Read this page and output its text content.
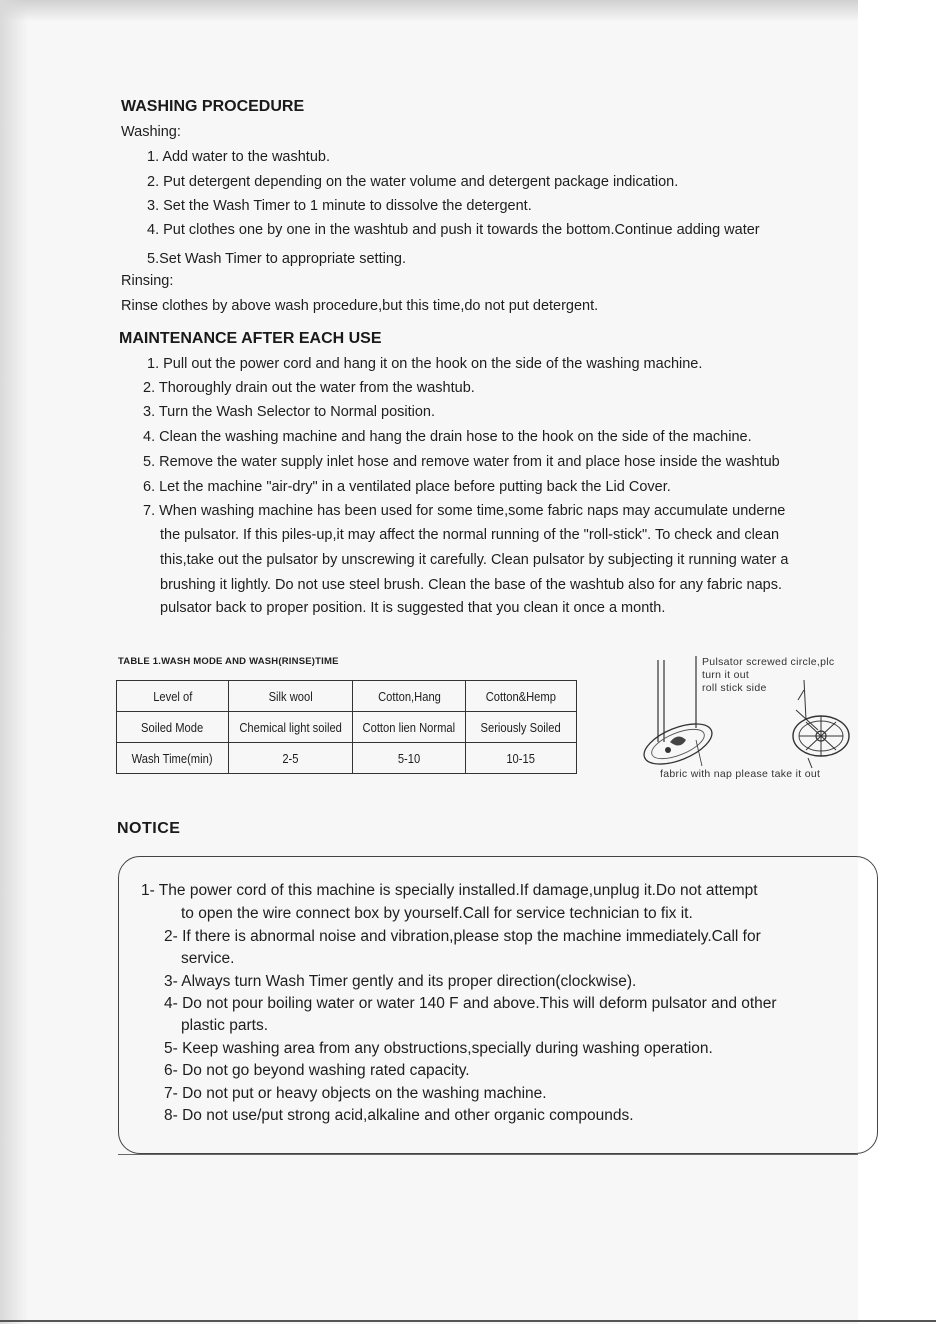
WASHING PROCEDURE
Washing:
1. Add water to the washtub.
2. Put detergent depending on the water volume and detergent package indication.
3. Set the Wash Timer to 1 minute to dissolve the detergent.
4. Put clothes one by one in the washtub and push it towards the bottom.Continue adding water
5.Set Wash Timer to appropriate setting.
Rinsing:
Rinse clothes by above wash procedure,but this time,do not put detergent.
MAINTENANCE AFTER EACH USE
1. Pull out the power cord and hang it on the hook on the side of the washing machine.
2. Thoroughly drain out the water from the washtub.
3. Turn the Wash Selector to Normal position.
4. Clean the washing machine and hang the drain hose to the hook on the side of the machine.
5. Remove the water supply inlet hose and remove water from it and place hose inside the washtub
6. Let the machine "air-dry" in a ventilated place before putting back the Lid Cover.
7. When washing machine has been used for some time,some fabric naps may accumulate underne
the pulsator. If this piles-up,it may affect the normal running of the "roll-stick". To check and clean
this,take out the pulsator by unscrewing it carefully. Clean pulsator by subjecting it running water a
brushing it lightly. Do not use steel brush. Clean the base of the washtub also for any fabric naps.
pulsator back to proper position. It is suggested that you clean it once a month.
TABLE 1.WASH MODE AND WASH(RINSE)TIME
Level of	Silk wool	Cotton,Hang	Cotton&Hemp
Soiled Mode	Chemical light soiled	Cotton lien Normal	Seriously Soiled
Wash Time(min)	2-5	5-10	10-15
Pulsator screwed circle,plc
turn it out
roll stick side
fabric with nap please take it out
NOTICE
1- The power cord of this machine is specially installed.If damage,unplug it.Do not attempt
to open the wire connect box by yourself.Call for service technician to fix it.
2- If there is abnormal noise and vibration,please stop the machine immediately.Call for
service.
3- Always turn Wash Timer gently and its proper direction(clockwise).
4- Do not pour boiling water or water 140 F and above.This will deform pulsator and other
plastic parts.
5- Keep washing area from any obstructions,specially during washing operation.
6- Do not go beyond washing rated capacity.
7- Do not put or heavy objects on the washing machine.
8- Do not use/put strong acid,alkaline and other organic compounds.
